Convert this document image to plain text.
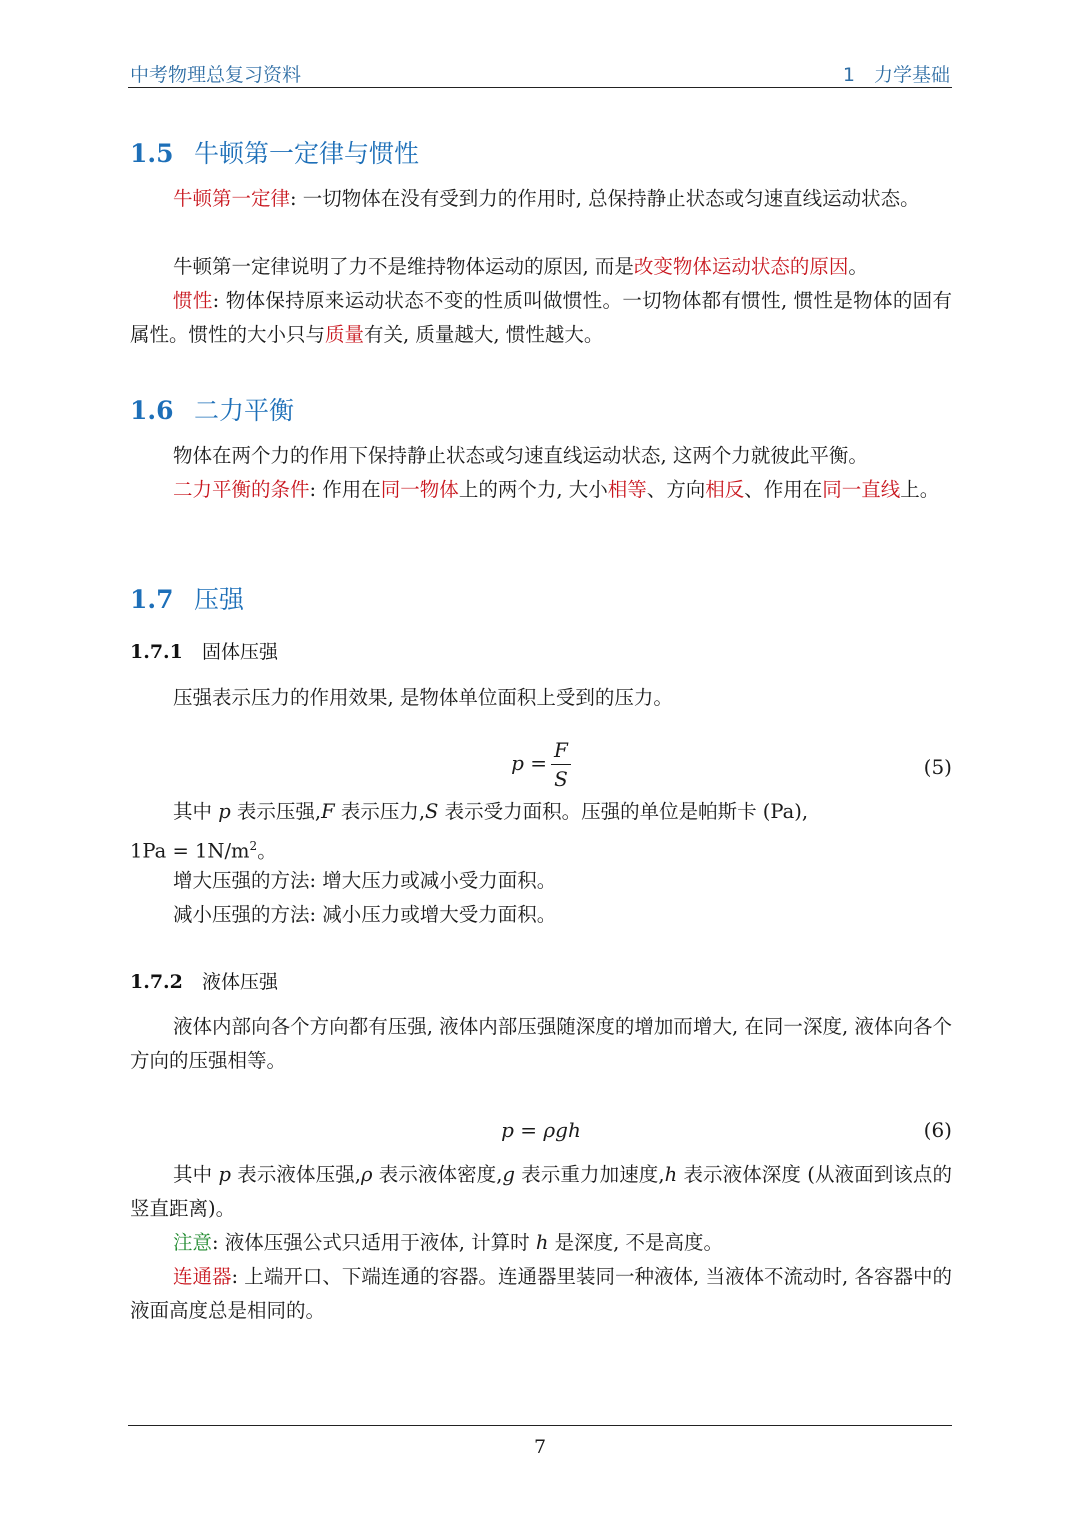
中考物理总复习资料	1　力学基础
1.5 牛顿第一定律与惯性
牛顿第一定律: 一切物体在没有受到力的作用时, 总保持静止状态或匀速直线运动状态。
牛顿第一定律说明了力不是维持物体运动的原因, 而是改变物体运动状态的原因。
惯性: 物体保持原来运动状态不变的性质叫做惯性。一切物体都有惯性, 惯性是物体的固有属性。惯性的大小只与质量有关, 质量越大, 惯性越大。
1.6 二力平衡
物体在两个力的作用下保持静止状态或匀速直线运动状态, 这两个力就彼此平衡。
二力平衡的条件: 作用在同一物体上的两个力, 大小相等、方向相反、作用在同一直线上。
1.7 压强
1.7.1 固体压强
压强表示压力的作用效果, 是物体单位面积上受到的压力。
$p = \frac{F}{S}$	(5)
其中 p 表示压强,F 表示压力,S 表示受力面积。压强的单位是帕斯卡 (Pa),
$1Pa = 1N/m^2$。
增大压强的方法: 增大压力或减小受力面积。
减小压强的方法: 减小压力或增大受力面积。
1.7.2 液体压强
液体内部向各个方向都有压强, 液体内部压强随深度的增加而增大, 在同一深度, 液体向各个方向的压强相等。
p = ρgh	(6)
其中 p 表示液体压强,ρ 表示液体密度,g 表示重力加速度,h 表示液体深度 (从液面到该点的竖直距离)。
注意: 液体压强公式只适用于液体, 计算时 h 是深度, 不是高度。
连通器: 上端开口、下端连通的容器。连通器里装同一种液体, 当液体不流动时, 各容器中的液面高度总是相同的。
7
